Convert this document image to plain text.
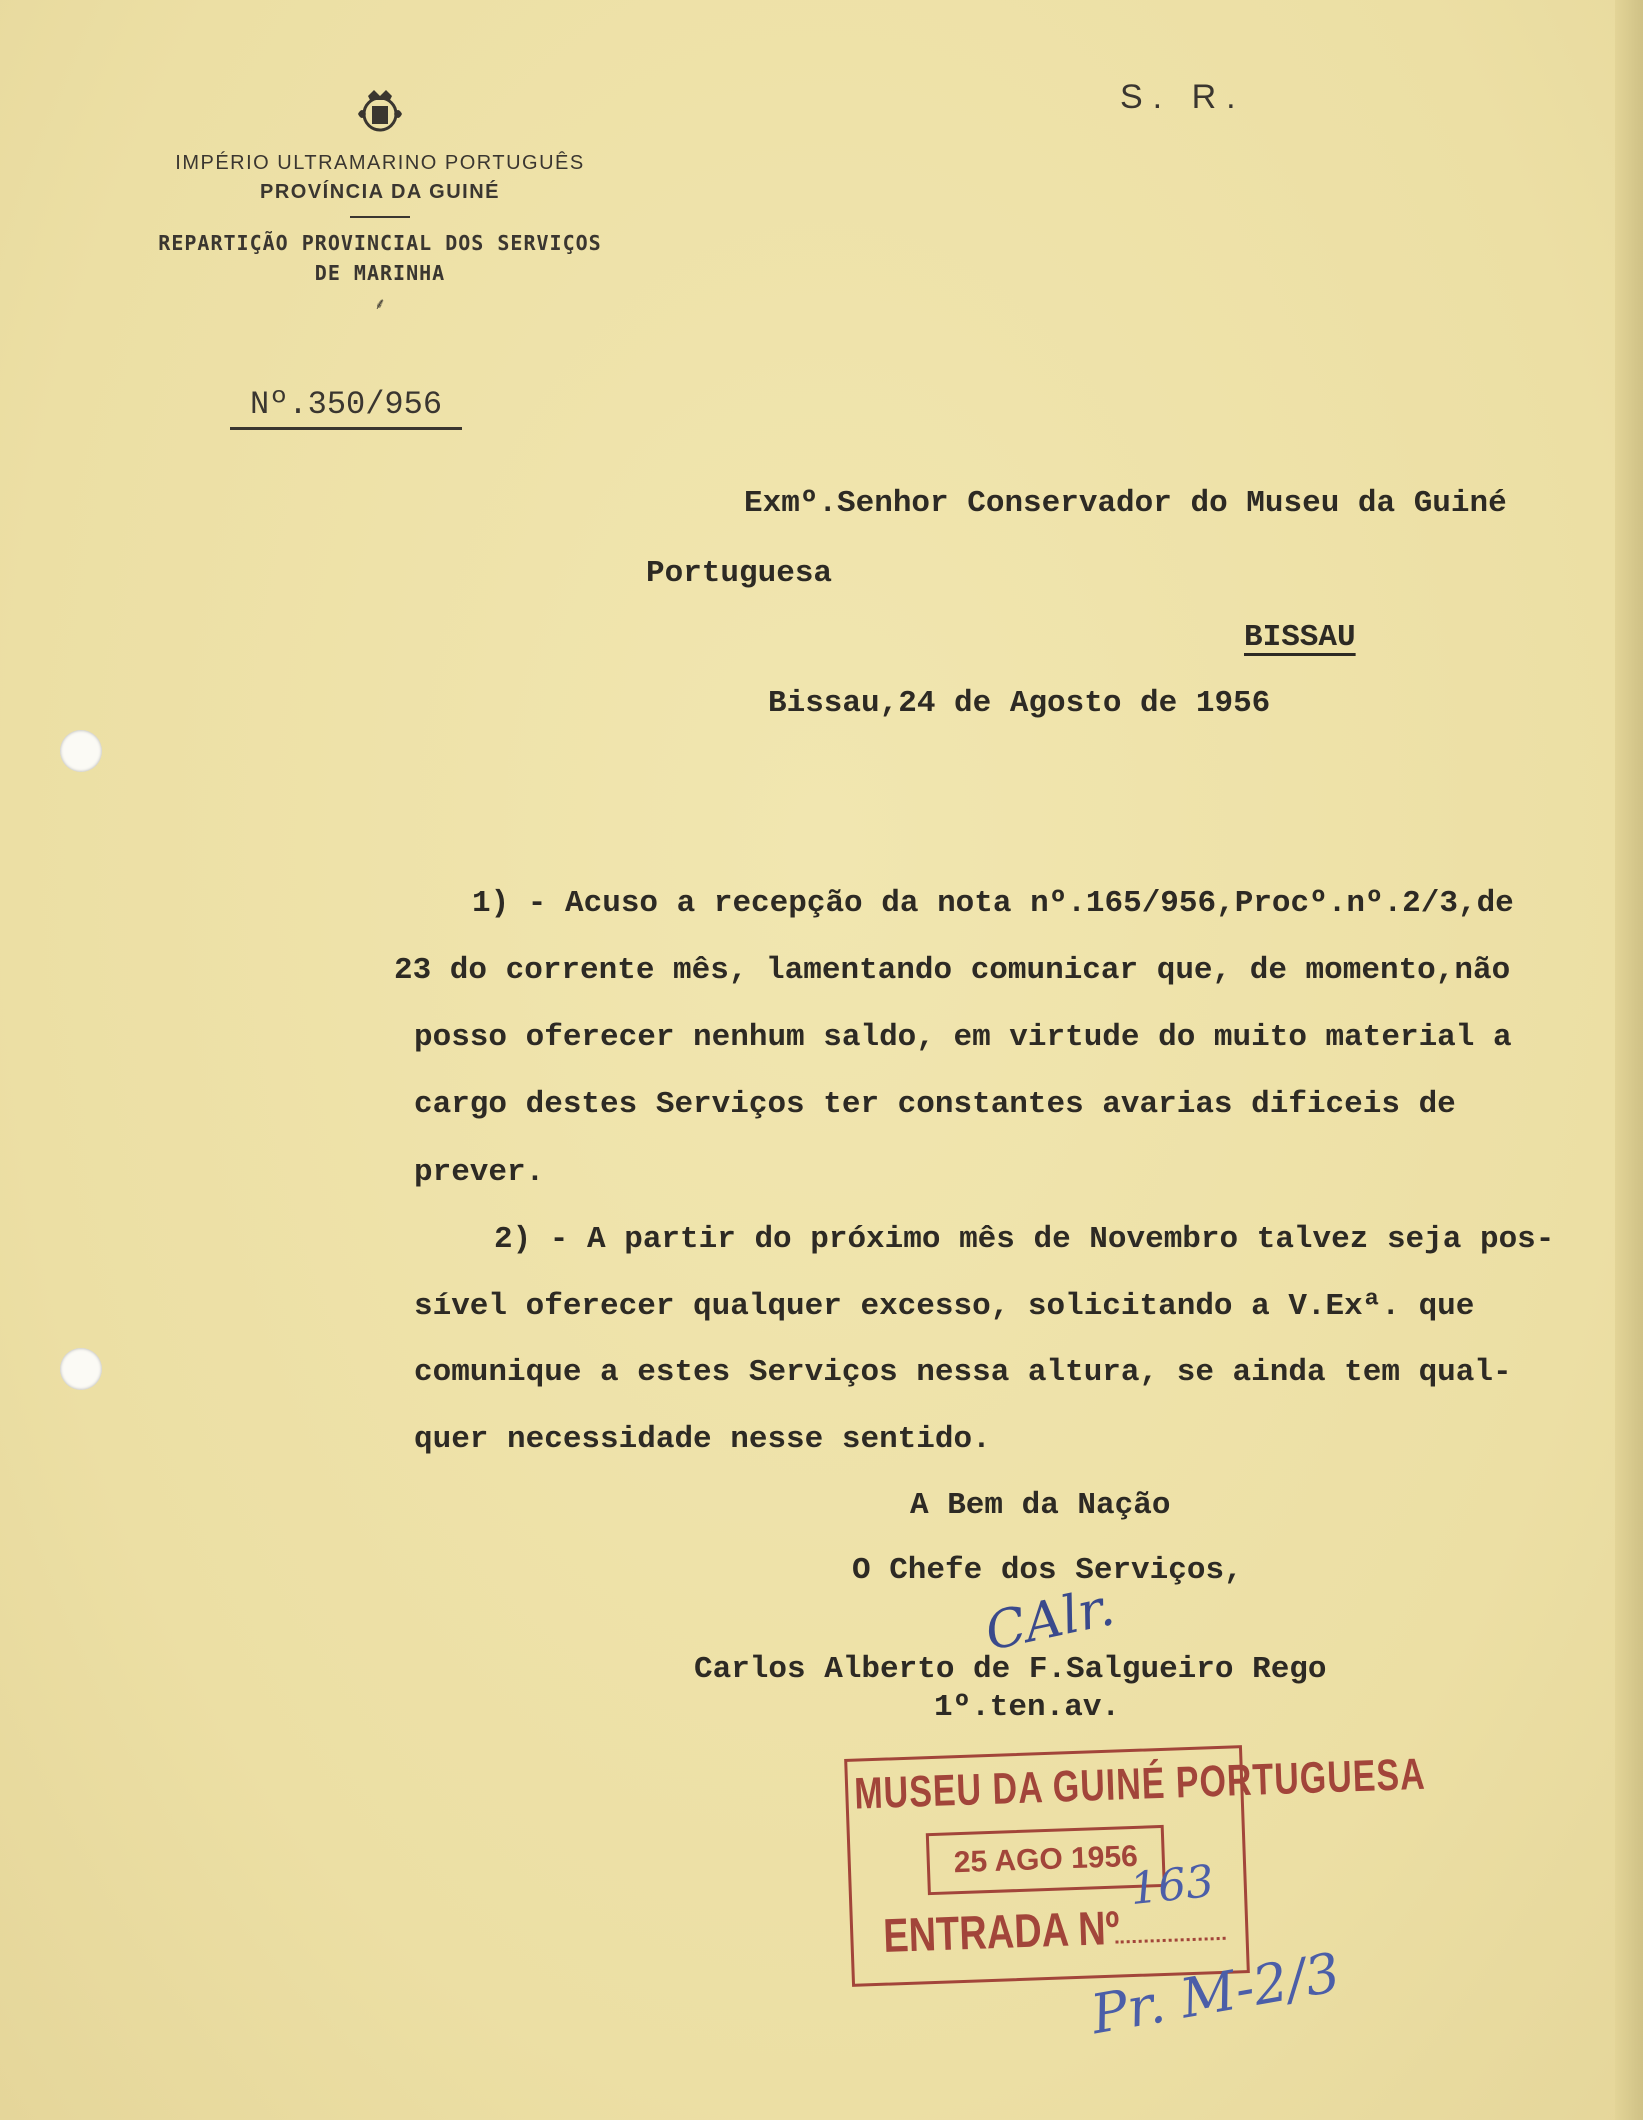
IMPÉRIO ULTRAMARINO PORTUGUÊS
PROVÍNCIA DA GUINÉ
REPARTIÇÃO PROVINCIAL DOS SERVIÇOS
DE MARINHA
⸙
S. R.
Nº.350/956
Exmº.Senhor Conservador do Museu da Guiné
Portuguesa
BISSAU
Bissau,24 de Agosto de 1956
1) - Acuso a recepção da nota nº.165/956,Procº.nº.2/3,de
23 do corrente mês, lamentando comunicar que, de momento,não
posso oferecer nenhum saldo, em virtude do muito material a
cargo destes Serviços ter constantes avarias dificeis de
prever.
2) - A partir do próximo mês de Novembro talvez seja pos-
sível oferecer qualquer excesso, solicitando a V.Exª. que
comunique a estes Serviços nessa altura, se ainda tem qual-
quer necessidade nesse sentido.
A Bem da Nação
O Chefe dos Serviços,
CAlr.
Carlos Alberto de F.Salgueiro Rego
1º.ten.av.
MUSEU DA GUINÉ PORTUGUESA
25 AGO 1956
ENTRADA Nº
163
Pr. M-2/3
